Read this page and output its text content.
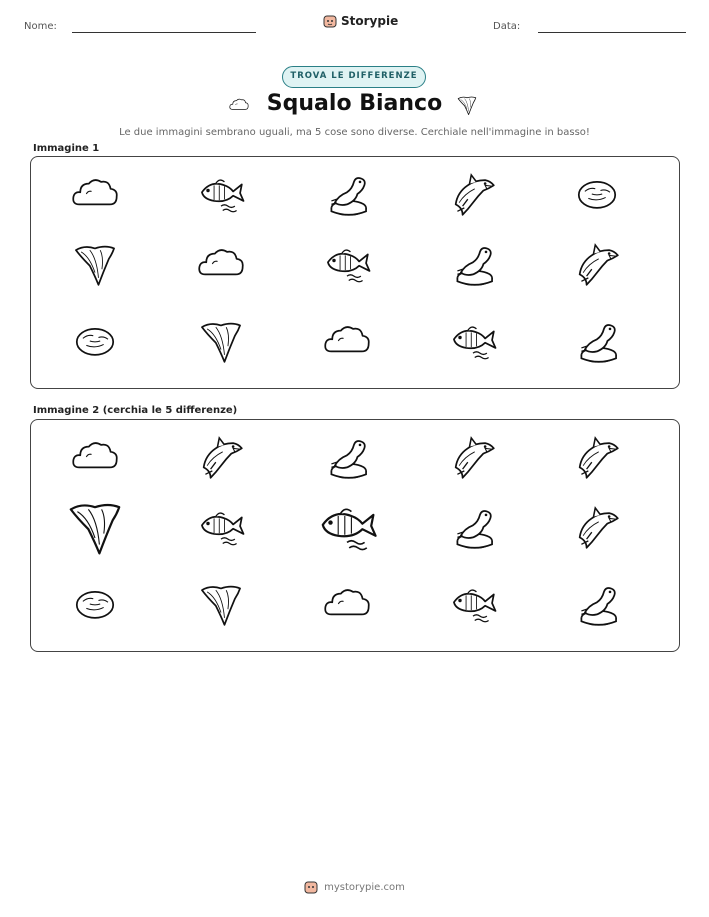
Nome:	Storypie	Data:
TROVA LE DIFFERENZE
Squalo Bianco
Le due immagini sembrano uguali, ma 5 cose sono diverse. Cerchiale nell'immagine in basso!
Immagine 1
Immagine 2 (cerchia le 5 differenze)
mystorypie.com
